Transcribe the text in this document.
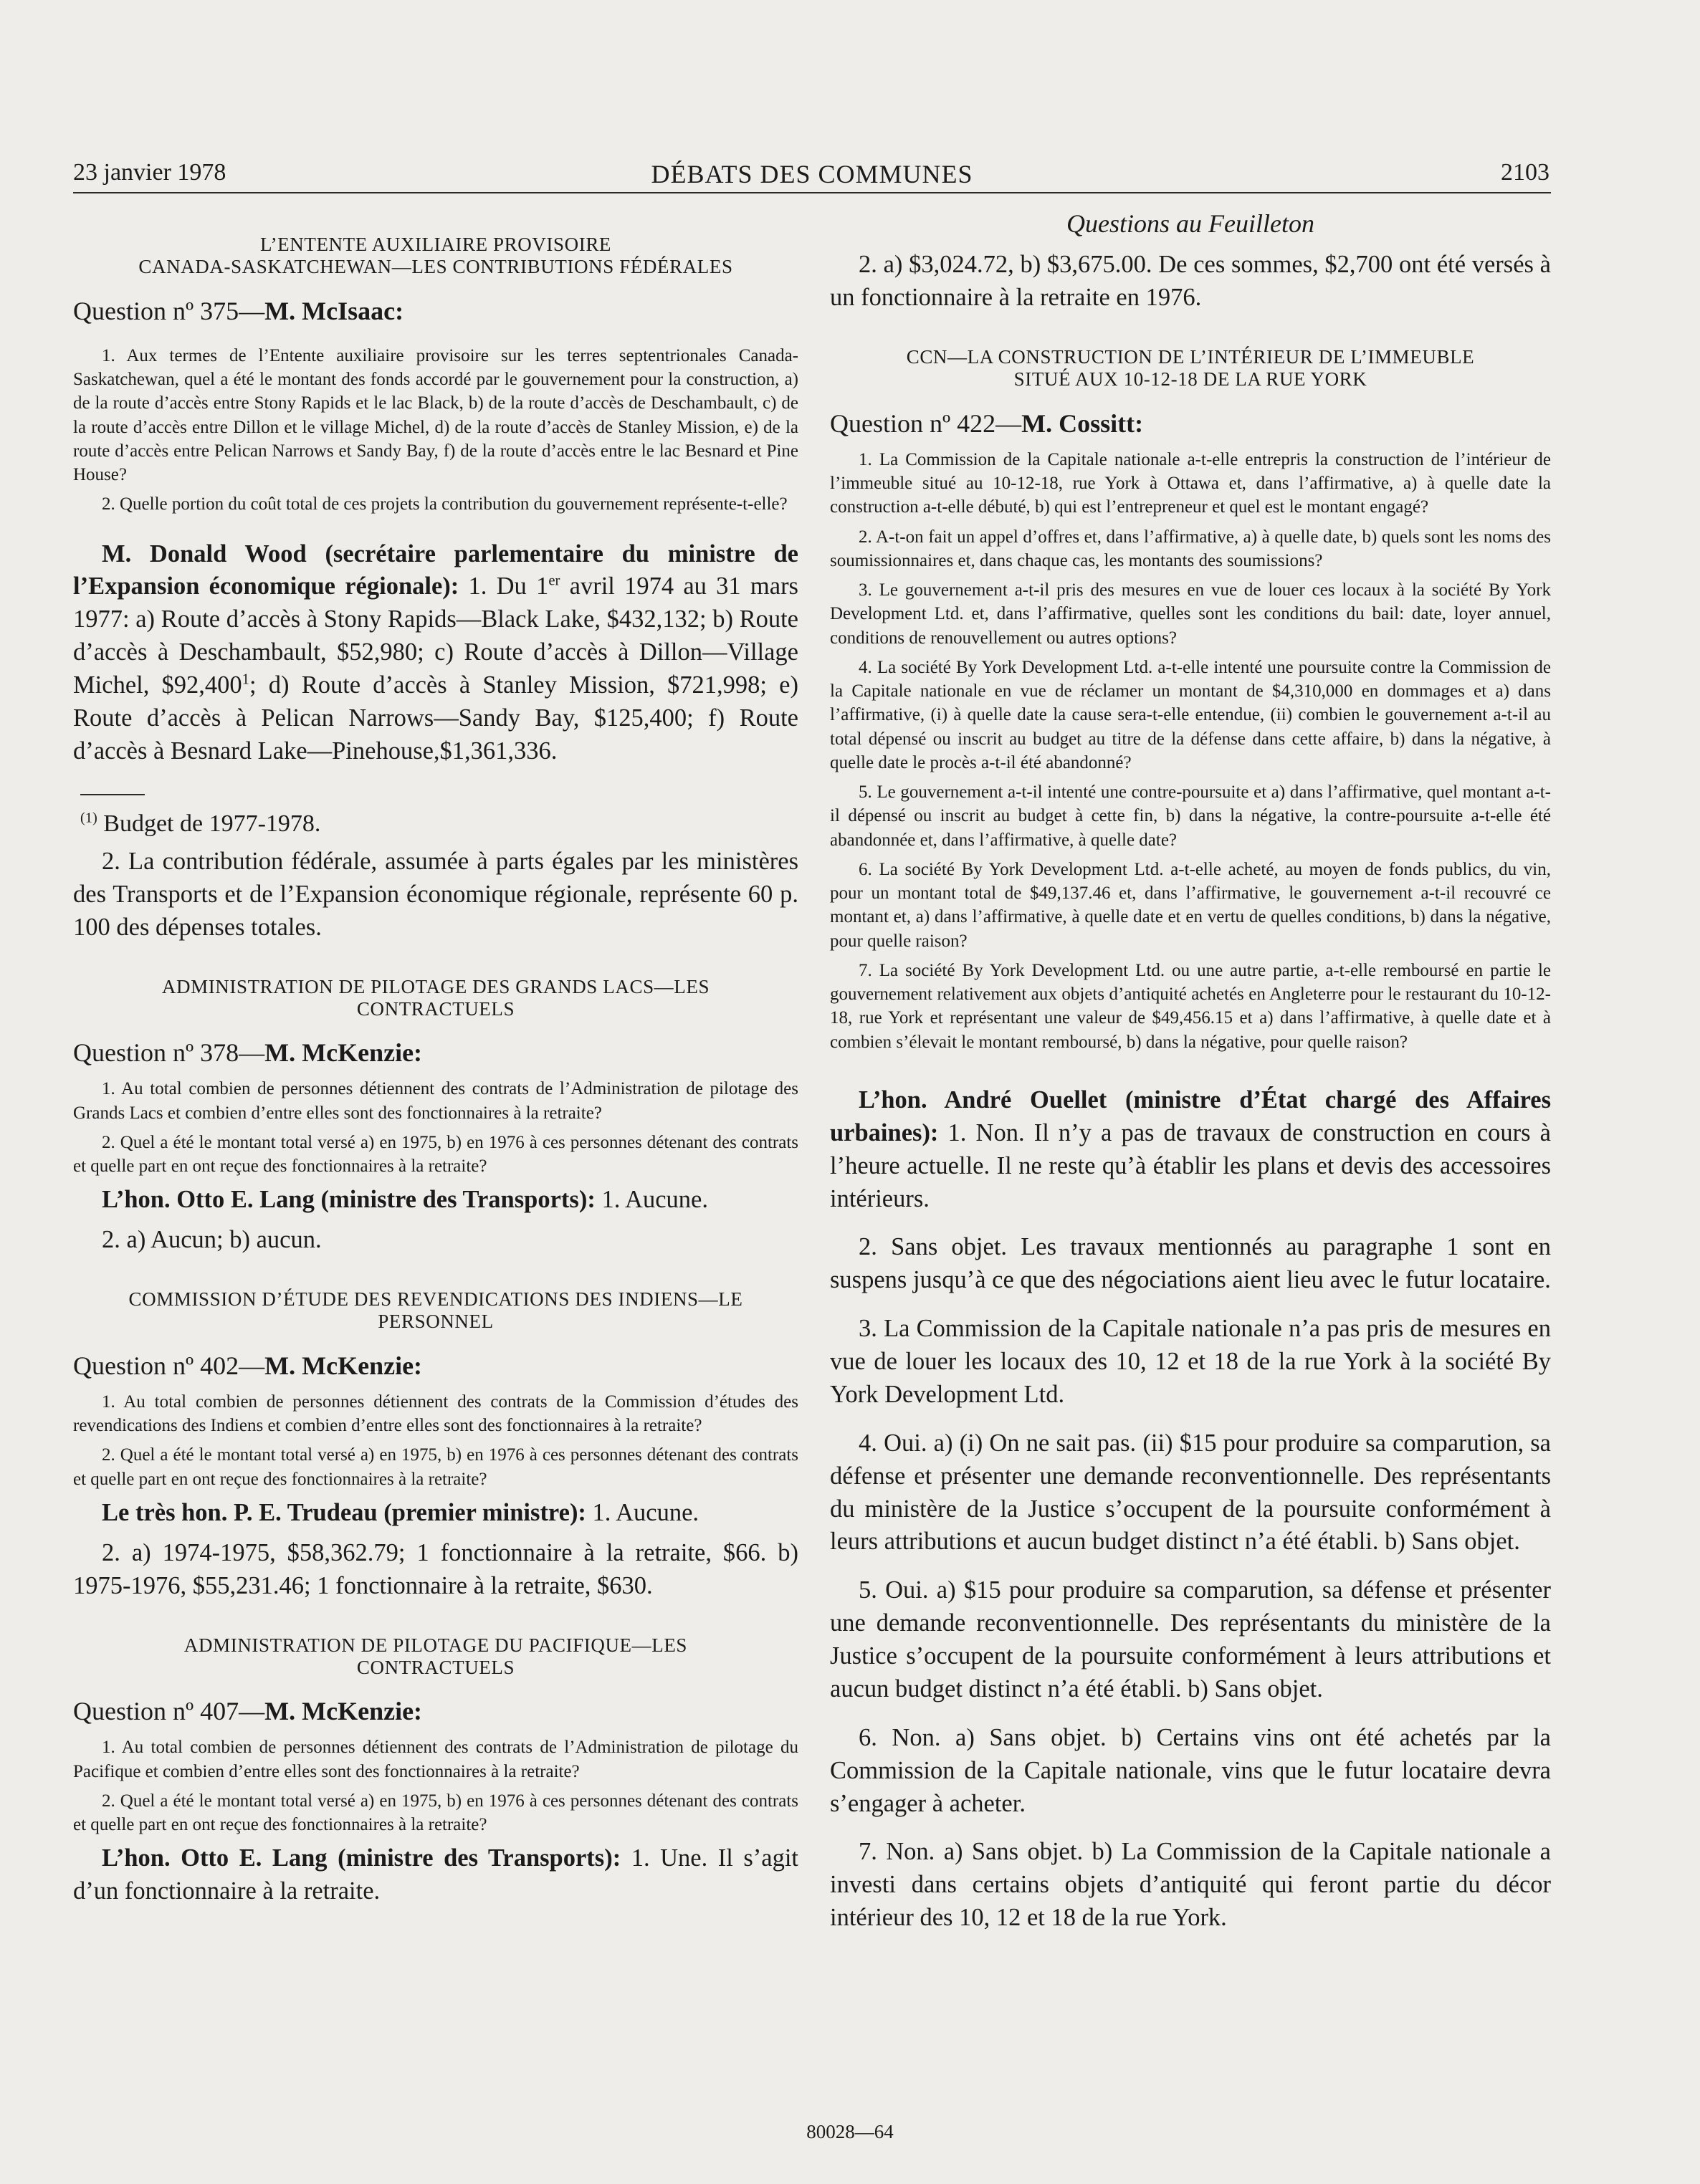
23 janvier 1978	DÉBATS DES COMMUNES	2103
L’ENTENTE AUXILIAIRE PROVISOIRE
CANADA-SASKATCHEWAN—LES CONTRIBUTIONS FÉDÉRALES

Question nº 375—M. McIsaac:

1. Aux termes de l’Entente auxiliaire provisoire sur les terres septentrionales Canada-Saskatchewan, quel a été le montant des fonds accordé par le gouvernement pour la construction, a) de la route d’accès entre Stony Rapids et le lac Black, b) de la route d’accès de Deschambault, c) de la route d’accès entre Dillon et le village Michel, d) de la route d’accès de Stanley Mission, e) de la route d’accès entre Pelican Narrows et Sandy Bay, f) de la route d’accès entre le lac Besnard et Pine House?

2. Quelle portion du coût total de ces projets la contribution du gouvernement représente-t-elle?

M. Donald Wood (secrétaire parlementaire du ministre de l’Expansion économique régionale): 1. Du 1er avril 1974 au 31 mars 1977: a) Route d’accès à Stony Rapids—Black Lake, $432,132; b) Route d’accès à Deschambault, $52,980; c) Route d’accès à Dillon—Village Michel, $92,400$^1$; d) Route d’accès à Stanley Mission, $721,998; e) Route d’accès à Pelican Narrows—Sandy Bay, $125,400; f) Route d’accès à Besnard Lake—Pinehouse,$1,361,336.

$^{(1)}$ Budget de 1977-1978.

2. La contribution fédérale, assumée à parts égales par les ministères des Transports et de l’Expansion économique régionale, représente 60 p. 100 des dépenses totales.

ADMINISTRATION DE PILOTAGE DES GRANDS LACS—LES
CONTRACTUELS

Question nº 378—M. McKenzie:

1. Au total combien de personnes détiennent des contrats de l’Administration de pilotage des Grands Lacs et combien d’entre elles sont des fonctionnaires à la retraite?

2. Quel a été le montant total versé a) en 1975, b) en 1976 à ces personnes détenant des contrats et quelle part en ont reçue des fonctionnaires à la retraite?

L’hon. Otto E. Lang (ministre des Transports): 1. Aucune.

2. a) Aucun; b) aucun.

COMMISSION D’ÉTUDE DES REVENDICATIONS DES INDIENS—LE
PERSONNEL

Question nº 402—M. McKenzie:

1. Au total combien de personnes détiennent des contrats de la Commission d’études des revendications des Indiens et combien d’entre elles sont des fonctionnaires à la retraite?

2. Quel a été le montant total versé a) en 1975, b) en 1976 à ces personnes détenant des contrats et quelle part en ont reçue des fonctionnaires à la retraite?

Le très hon. P. E. Trudeau (premier ministre): 1. Aucune.

2. a) 1974-1975, $58,362.79; 1 fonctionnaire à la retraite, $66. b) 1975-1976, $55,231.46; 1 fonctionnaire à la retraite, $630.

ADMINISTRATION DE PILOTAGE DU PACIFIQUE—LES
CONTRACTUELS

Question nº 407—M. McKenzie:

1. Au total combien de personnes détiennent des contrats de l’Administration de pilotage du Pacifique et combien d’entre elles sont des fonctionnaires à la retraite?

2. Quel a été le montant total versé a) en 1975, b) en 1976 à ces personnes détenant des contrats et quelle part en ont reçue des fonctionnaires à la retraite?

L’hon. Otto E. Lang (ministre des Transports): 1. Une. Il s’agit d’un fonctionnaire à la retraite.

Questions au Feuilleton

2. a) $3,024.72, b) $3,675.00. De ces sommes, $2,700 ont été versés à un fonctionnaire à la retraite en 1976.

CCN—LA CONSTRUCTION DE L’INTÉRIEUR DE L’IMMEUBLE
SITUÉ AUX 10-12-18 DE LA RUE YORK

Question nº 422—M. Cossitt:

1. La Commission de la Capitale nationale a-t-elle entrepris la construction de l’intérieur de l’immeuble situé au 10-12-18, rue York à Ottawa et, dans l’affirmative, a) à quelle date la construction a-t-elle débuté, b) qui est l’entrepreneur et quel est le montant engagé?

2. A-t-on fait un appel d’offres et, dans l’affirmative, a) à quelle date, b) quels sont les noms des soumissionnaires et, dans chaque cas, les montants des soumissions?

3. Le gouvernement a-t-il pris des mesures en vue de louer ces locaux à la société By York Development Ltd. et, dans l’affirmative, quelles sont les conditions du bail: date, loyer annuel, conditions de renouvellement ou autres options?

4. La société By York Development Ltd. a-t-elle intenté une poursuite contre la Commission de la Capitale nationale en vue de réclamer un montant de $4,310,000 en dommages et a) dans l’affirmative, (i) à quelle date la cause sera-t-elle entendue, (ii) combien le gouvernement a-t-il au total dépensé ou inscrit au budget au titre de la défense dans cette affaire, b) dans la négative, à quelle date le procès a-t-il été abandonné?

5. Le gouvernement a-t-il intenté une contre-poursuite et a) dans l’affirmative, quel montant a-t-il dépensé ou inscrit au budget à cette fin, b) dans la négative, la contre-poursuite a-t-elle été abandonnée et, dans l’affirmative, à quelle date?

6. La société By York Development Ltd. a-t-elle acheté, au moyen de fonds publics, du vin, pour un montant total de $49,137.46 et, dans l’affirmative, le gouvernement a-t-il recouvré ce montant et, a) dans l’affirmative, à quelle date et en vertu de quelles conditions, b) dans la négative, pour quelle raison?

7. La société By York Development Ltd. ou une autre partie, a-t-elle remboursé en partie le gouvernement relativement aux objets d’antiquité achetés en Angleterre pour le restaurant du 10-12-18, rue York et représentant une valeur de $49,456.15 et a) dans l’affirmative, à quelle date et à combien s’élevait le montant remboursé, b) dans la négative, pour quelle raison?

L’hon. André Ouellet (ministre d’État chargé des Affaires urbaines): 1. Non. Il n’y a pas de travaux de construction en cours à l’heure actuelle. Il ne reste qu’à établir les plans et devis des accessoires intérieurs.

2. Sans objet. Les travaux mentionnés au paragraphe 1 sont en suspens jusqu’à ce que des négociations aient lieu avec le futur locataire.

3. La Commission de la Capitale nationale n’a pas pris de mesures en vue de louer les locaux des 10, 12 et 18 de la rue York à la société By York Development Ltd.

4. Oui. a) (i) On ne sait pas. (ii) $15 pour produire sa comparution, sa défense et présenter une demande reconventionnelle. Des représentants du ministère de la Justice s’occupent de la poursuite conformément à leurs attributions et aucun budget distinct n’a été établi. b) Sans objet.

5. Oui. a) $15 pour produire sa comparution, sa défense et présenter une demande reconventionnelle. Des représentants du ministère de la Justice s’occupent de la poursuite conformément à leurs attributions et aucun budget distinct n’a été établi. b) Sans objet.

6. Non. a) Sans objet. b) Certains vins ont été achetés par la Commission de la Capitale nationale, vins que le futur locataire devra s’engager à acheter.

7. Non. a) Sans objet. b) La Commission de la Capitale nationale a investi dans certains objets d’antiquité qui feront partie du décor intérieur des 10, 12 et 18 de la rue York.

80028—64
